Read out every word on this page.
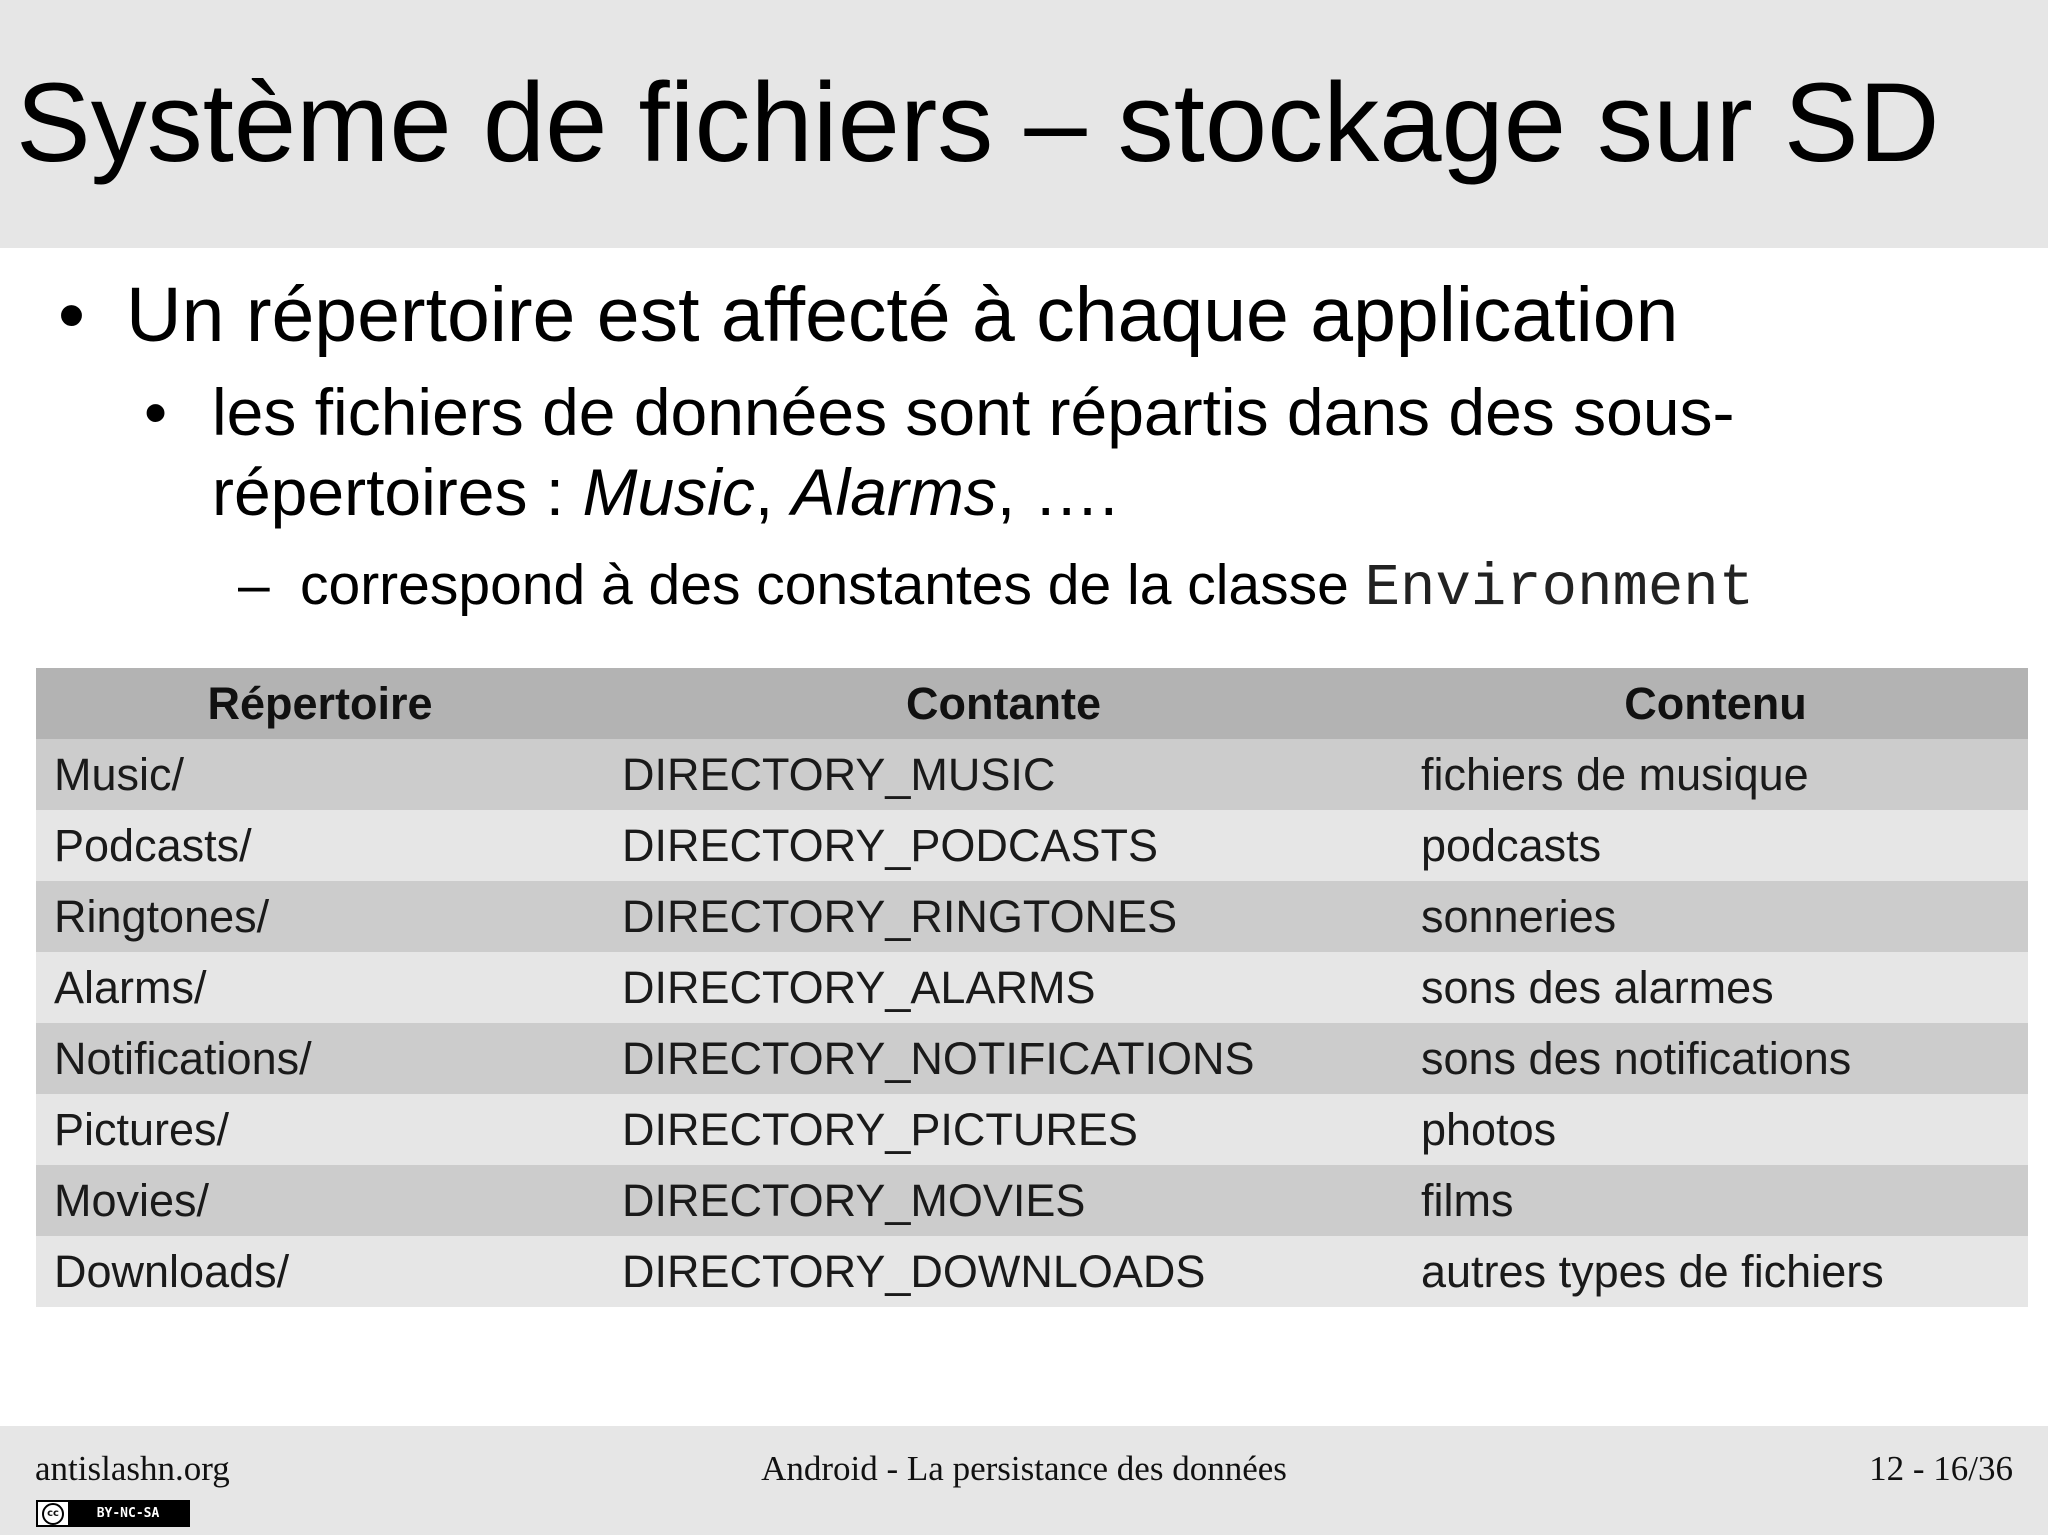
Système de fichiers – stockage sur SD
• Un répertoire est affecté à chaque application
• les fichiers de données sont répartis dans des sous-
répertoires : Music, Alarms, ….
– correspond à des constantes de la classe Environment
Répertoire	Contante	Contenu
Music/	DIRECTORY_MUSIC	fichiers de musique
Podcasts/	DIRECTORY_PODCASTS	podcasts
Ringtones/	DIRECTORY_RINGTONES	sonneries
Alarms/	DIRECTORY_ALARMS	sons des alarmes
Notifications/	DIRECTORY_NOTIFICATIONS	sons des notifications
Pictures/	DIRECTORY_PICTURES	photos
Movies/	DIRECTORY_MOVIES	films
Downloads/	DIRECTORY_DOWNLOADS	autres types de fichiers
antislashn.org	Android - La persistance des données	12 - 16/36
cc	BY-NC-SA
